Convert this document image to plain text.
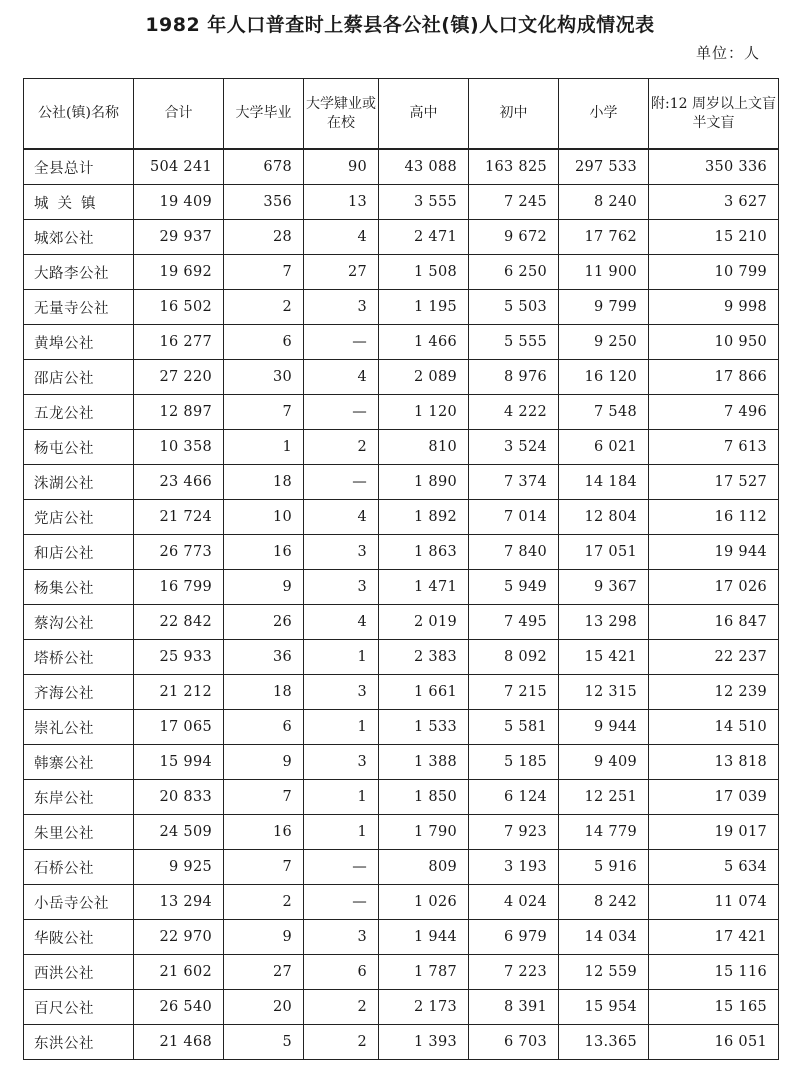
1982 年人口普查时上蔡县各公社(镇)人口文化构成情况表
单位：人
公社(镇)名称	合计	大学毕业	大学肄业或在校	高中	初中	小学	附:12 周岁以上文盲半文盲
全县总计	504 241	678	90	43 088	163 825	297 533	350 336
城关镇	19 409	356	13	3 555	7 245	8 240	3 627
城郊公社	29 937	28	4	2 471	9 672	17 762	15 210
大路李公社	19 692	7	27	1 508	6 250	11 900	10 799
无量寺公社	16 502	2	3	1 195	5 503	9 799	9 998
黄埠公社	16 277	6	—	1 466	5 555	9 250	10 950
邵店公社	27 220	30	4	2 089	8 976	16 120	17 866
五龙公社	12 897	7	—	1 120	4 222	7 548	7 496
杨屯公社	10 358	1	2	810	3 524	6 021	7 613
洙湖公社	23 466	18	—	1 890	7 374	14 184	17 527
党店公社	21 724	10	4	1 892	7 014	12 804	16 112
和店公社	26 773	16	3	1 863	7 840	17 051	19 944
杨集公社	16 799	9	3	1 471	5 949	9 367	17 026
蔡沟公社	22 842	26	4	2 019	7 495	13 298	16 847
塔桥公社	25 933	36	1	2 383	8 092	15 421	22 237
齐海公社	21 212	18	3	1 661	7 215	12 315	12 239
崇礼公社	17 065	6	1	1 533	5 581	9 944	14 510
韩寨公社	15 994	9	3	1 388	5 185	9 409	13 818
东岸公社	20 833	7	1	1 850	6 124	12 251	17 039
朱里公社	24 509	16	1	1 790	7 923	14 779	19 017
石桥公社	9 925	7	—	809	3 193	5 916	5 634
小岳寺公社	13 294	2	—	1 026	4 024	8 242	11 074
华陂公社	22 970	9	3	1 944	6 979	14 034	17 421
西洪公社	21 602	27	6	1 787	7 223	12 559	15 116
百尺公社	26 540	20	2	2 173	8 391	15 954	15 165
东洪公社	21 468	5	2	1 393	6 703	13.365	16 051
